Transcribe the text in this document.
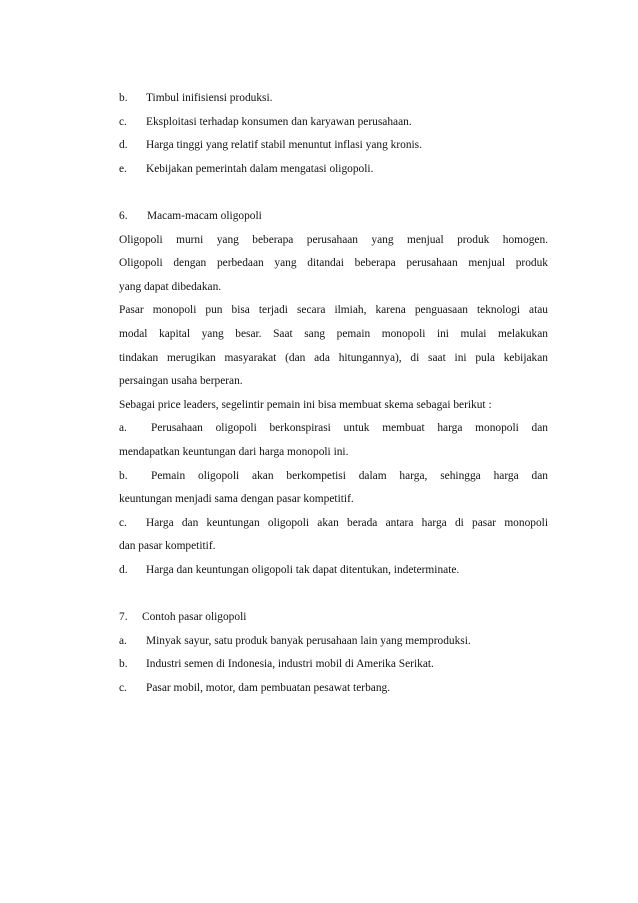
b.	Timbul inifisiensi produksi.
c.	Eksploitasi terhadap konsumen dan karyawan perusahaan.
d.	Harga tinggi yang relatif stabil menuntut inflasi yang kronis.
e.	Kebijakan pemerintah dalam mengatasi oligopoli.
6.	Macam-macam oligopoli
Oligopoli murni yang beberapa perusahaan yang menjual produk homogen.
Oligopoli dengan perbedaan yang ditandai beberapa perusahaan menjual produk
yang dapat dibedakan.
Pasar monopoli pun bisa terjadi secara ilmiah, karena penguasaan teknologi atau
modal kapital yang besar. Saat sang pemain monopoli ini mulai melakukan
tindakan merugikan masyarakat (dan ada hitungannya), di saat ini pula kebijakan
persaingan usaha berperan.
Sebagai price leaders, segelintir pemain ini bisa membuat skema sebagai berikut :
a.	Perusahaan oligopoli berkonspirasi untuk membuat harga monopoli dan
mendapatkan keuntungan dari harga monopoli ini.
b.	Pemain oligopoli akan berkompetisi dalam harga, sehingga harga dan
keuntungan menjadi sama dengan pasar kompetitif.
c.	Harga dan keuntungan oligopoli akan berada antara harga di pasar monopoli
dan pasar kompetitif.
d.	Harga dan keuntungan oligopoli tak dapat ditentukan, indeterminate.
7.	Contoh pasar oligopoli
a.	Minyak sayur, satu produk banyak perusahaan lain yang memproduksi.
b.	Industri semen di Indonesia, industri mobil di Amerika Serikat.
c.	Pasar mobil, motor, dam pembuatan pesawat terbang.
